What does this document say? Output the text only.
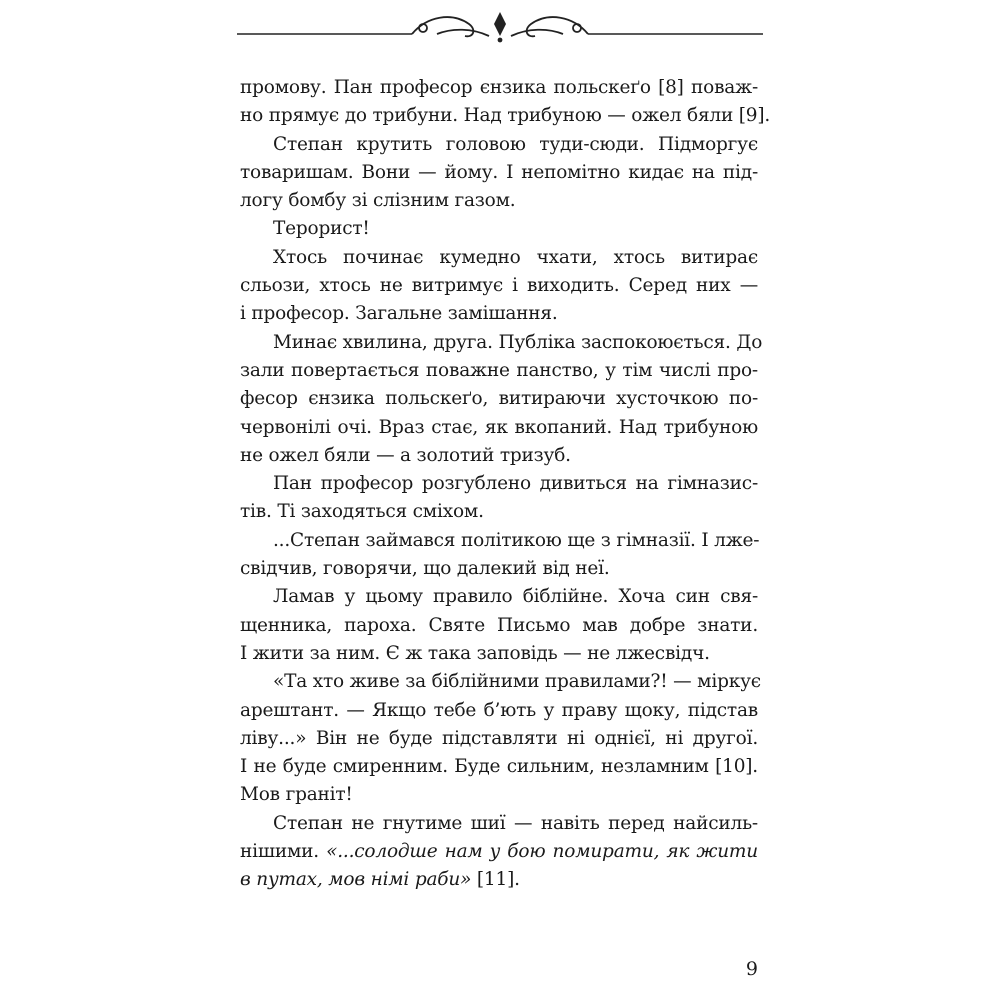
промову. Пан професор єнзика польскеґо [8] поваж-
но прямує до трибуни. Над трибуною — ожел бяли [9].
Степан крутить головою туди-сюди. Підморгує
товаришам. Вони — йому. І непомітно кидає на під-
логу бомбу зі слізним газом.
Терорист!
Хтось починає кумедно чхати, хтось витирає
сльози, хтось не витримує і виходить. Серед них —
і професор. Загальне замішання.
Минає хвилина, друга. Публіка заспокоюється. До
зали повертається поважне панство, у тім числі про-
фесор єнзика польскеґо, витираючи хусточкою по-
червонілі очі. Враз стає, як вкопаний. Над трибуною
не ожел бяли — а золотий тризуб.
Пан професор розгублено дивиться на гімназис-
тів. Ті заходяться сміхом.
...Степан займався політикою ще з гімназії. І лже-
свідчив, говорячи, що далекий від неї.
Ламав у цьому правило біблійне. Хоча син свя-
щенника, пароха. Святе Письмо мав добре знати.
І жити за ним. Є ж така заповідь — не лжесвідч.
«Та хто живе за біблійними правилами?! — міркує
арештант. — Якщо тебе б’ють у праву щоку, підстав
ліву...» Він не буде підставляти ні однієї, ні другої.
І не буде смиренним. Буде сильним, незламним [10].
Мов граніт!
Степан не гнутиме шиї — навіть перед найсиль-
нішими. «...солодше нам у бою помирати, як жити
в путах, мов німі раби» [11].
9
